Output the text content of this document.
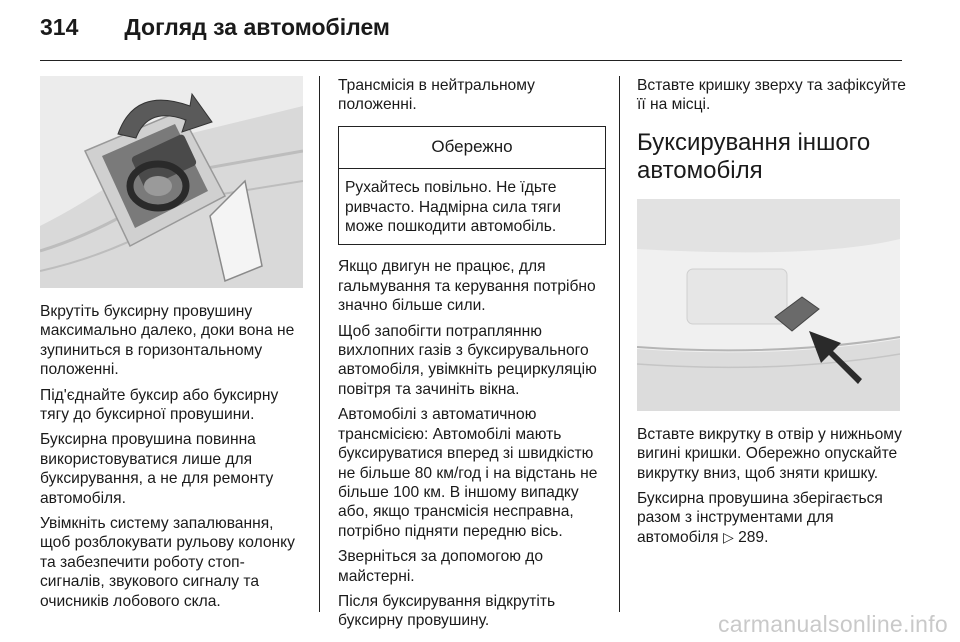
314 Догляд за автомобілем

Вкрутіть буксирну провушину максимально далеко, доки вона не зупиниться в горизонтальному положенні.

Під'єднайте буксир або буксирну тягу до буксирної провушини.

Буксирна провушина повинна використовуватися лише для буксирування, а не для ремонту автомобіля.

Увімкніть систему запалювання, щоб розблокувати рульову колонку та забезпечити роботу стоп-сигналів, звукового сигналу та очисників лобового скла.

Трансмісія в нейтральному положенні.

Обережно
Рухайтесь повільно. Не їдьте ривчасто. Надмірна сила тяги може пошкодити автомобіль.

Якщо двигун не працює, для гальмування та керування потрібно значно більше сили.

Щоб запобігти потраплянню вихлопних газів з буксирувального автомобіля, увімкніть рециркуляцію повітря та зачиніть вікна.

Автомобілі з автоматичною трансмісією: Автомобілі мають буксируватися вперед зі швидкістю не більше 80 км/год і на відстань не більше 100 км. В іншому випадку або, якщо трансмісія несправна, потрібно підняти передню вісь.

Зверніться за допомогою до майстерні.

Після буксирування відкрутіть буксирну провушину.

Вставте кришку зверху та зафіксуйте її на місці.

Буксирування іншого автомобіля

Вставте викрутку в отвір у нижньому вигині кришки. Обережно опускайте викрутку вниз, щоб зняти кришку.

Буксирна провушина зберігається разом з інструментами для автомобіля ▷ 289.

carmanualsonline.info
